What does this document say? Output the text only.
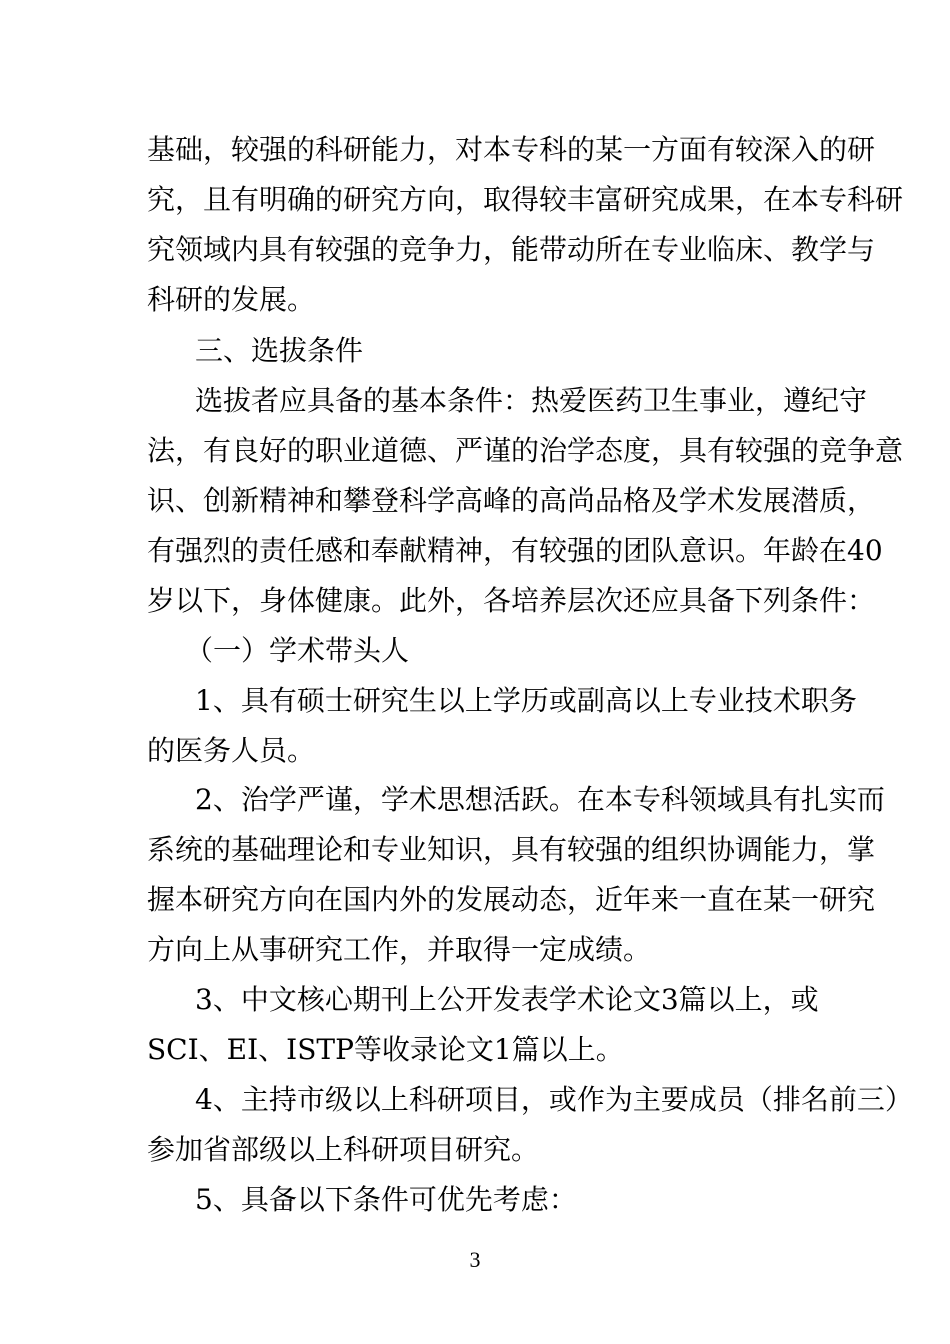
基础，较强的科研能力，对本专科的某一方面有较深入的研
究，且有明确的研究方向，取得较丰富研究成果，在本专科研
究领域内具有较强的竞争力，能带动所在专业临床、教学与
科研的发展。
三、选拔条件
选拔者应具备的基本条件：热爱医药卫生事业，遵纪守
法，有良好的职业道德、严谨的治学态度，具有较强的竞争意
识、创新精神和攀登科学高峰的高尚品格及学术发展潜质，
有强烈的责任感和奉献精神，有较强的团队意识。年龄在40
岁以下，身体健康。此外，各培养层次还应具备下列条件：
（一）学术带头人
1、具有硕士研究生以上学历或副高以上专业技术职务
的医务人员。
2、治学严谨，学术思想活跃。在本专科领域具有扎实而
系统的基础理论和专业知识，具有较强的组织协调能力，掌
握本研究方向在国内外的发展动态，近年来一直在某一研究
方向上从事研究工作，并取得一定成绩。
3、中文核心期刊上公开发表学术论文3篇以上，或
SCI、EI、ISTP等收录论文1篇以上。
4、主持市级以上科研项目，或作为主要成员（排名前三）
参加省部级以上科研项目研究。
5、具备以下条件可优先考虑：
3
